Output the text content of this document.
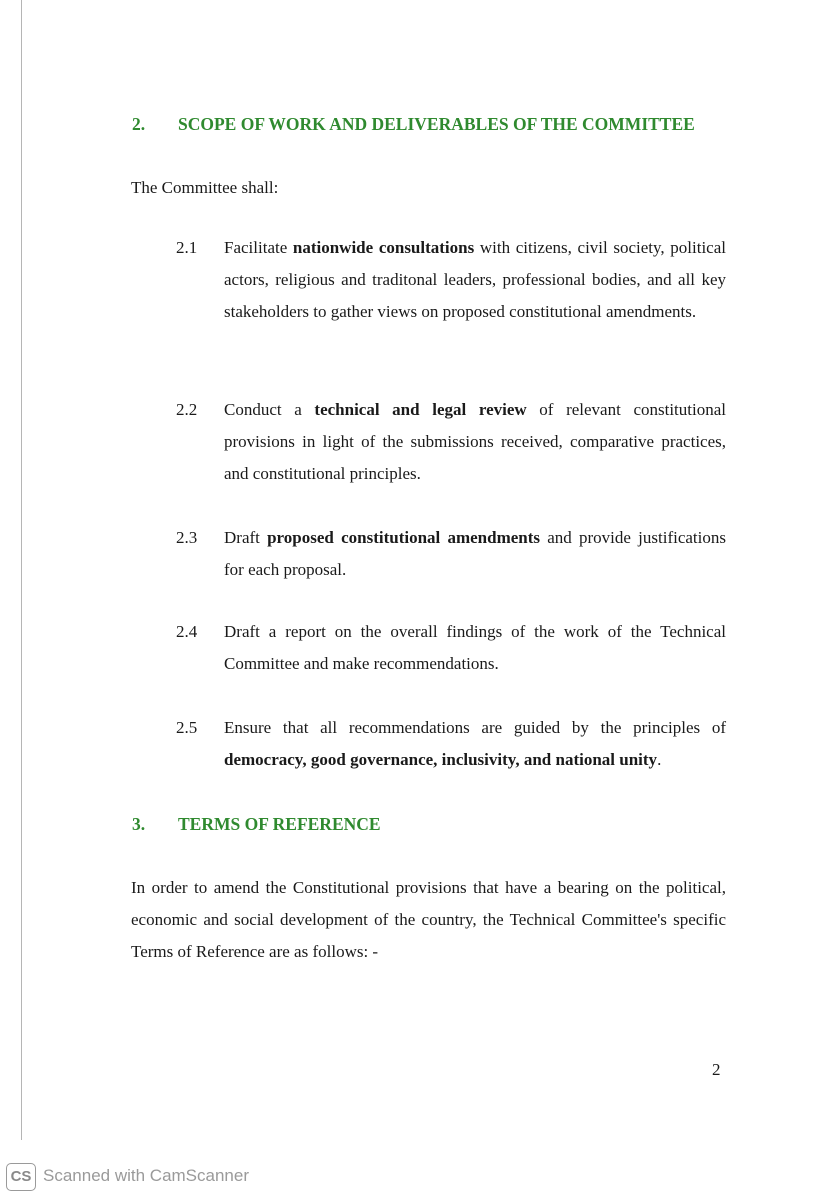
2. SCOPE OF WORK AND DELIVERABLES OF THE COMMITTEE
The Committee shall:
2.1 Facilitate nationwide consultations with citizens, civil society, political actors, religious and traditonal leaders, professional bodies, and all key stakeholders to gather views on proposed constitutional amendments.
2.2 Conduct a technical and legal review of relevant constitutional provisions in light of the submissions received, comparative practices, and constitutional principles.
2.3 Draft proposed constitutional amendments and provide justifications for each proposal.
2.4 Draft a report on the overall findings of the work of the Technical Committee and make recommendations.
2.5 Ensure that all recommendations are guided by the principles of democracy, good governance, inclusivity, and national unity.
3. TERMS OF REFERENCE
In order to amend the Constitutional provisions that have a bearing on the political, economic and social development of the country, the Technical Committee's specific Terms of Reference are as follows: -
2
CS Scanned with CamScanner
